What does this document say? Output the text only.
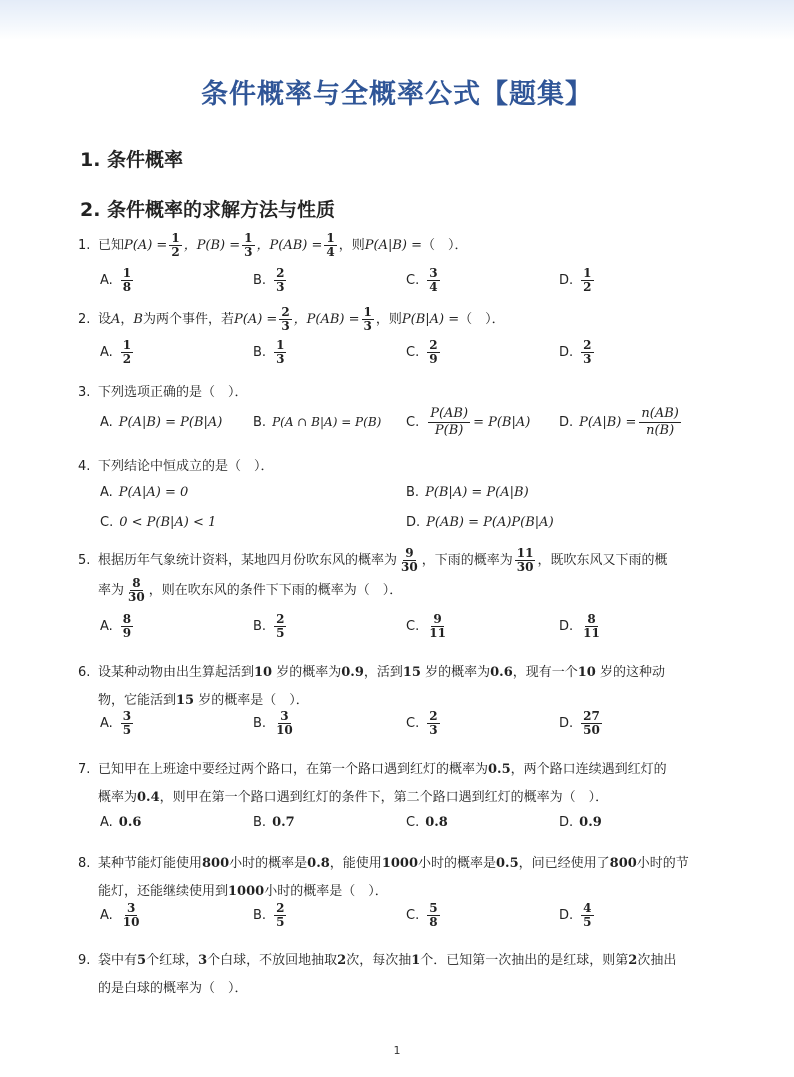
条件概率与全概率公式【题集】
1. 条件概率
2. 条件概率的求解方法与性质
1. 已知$P(A) = \frac{1}{2}$ ，$P(B) = \frac{1}{3}$ ，$P(AB) = \frac{1}{4}$ ，则P(A|B) =（　）．
A. $\frac{1}{8}$	B. $\frac{2}{3}$	C. $\frac{3}{4}$	D. $\frac{1}{2}$
2. 设A，B为两个事件，若$P(A) = \frac{2}{3}$ ，$P(AB) = \frac{1}{3}$ ，则P(B|A) =（　）．
A. $\frac{1}{2}$	B. $\frac{1}{3}$	C. $\frac{2}{9}$	D. $\frac{2}{3}$
3. 下列选项正确的是（　）．
A. P(A|B) = P(B|A) B. P(A ∩ B|A) = P(B) C. $\frac{P(AB)}{P(B)} = P(B|A)$ D. $P(A|B) = \frac{n(AB)}{n(B)}$
4. 下列结论中恒成立的是（　）．
A. P(A|A) = 0	B. P(B|A) = P(A|B)
C. 0 < P(B|A) < 1	D. P(AB) = P(A)P(B|A)
5. 根据历年气象统计资料，某地四月份吹东风的概率为 $\frac{9}{30}$ ，下雨的概率为 $\frac{11}{30}$ ，既吹东风又下雨的概
率为 $\frac{8}{30}$ ，则在吹东风的条件下下雨的概率为（　）．
A. $\frac{8}{9}$	B. $\frac{2}{5}$	C. $\frac{9}{11}$	D. $\frac{8}{11}$
6. 设某种动物由出生算起活到10 岁的概率为0.9，活到15 岁的概率为0.6，现有一个10 岁的这种动
物，它能活到15 岁的概率是（　）．
A. $\frac{3}{5}$	B. $\frac{3}{10}$	C. $\frac{2}{3}$	D. $\frac{27}{50}$
7. 已知甲在上班途中要经过两个路口，在第一个路口遇到红灯的概率为0.5，两个路口连续遇到红灯的
概率为0.4，则甲在第一个路口遇到红灯的条件下，第二个路口遇到红灯的概率为（　）．
A. 0.6	B. 0.7	C. 0.8	D. 0.9
8. 某种节能灯能使用800小时的概率是0.8，能使用1000小时的概率是0.5，问已经使用了800小时的节
能灯，还能继续使用到1000小时的概率是（　）．
A. $\frac{3}{10}$	B. $\frac{2}{5}$	C. $\frac{5}{8}$	D. $\frac{4}{5}$
9. 袋中有5个红球，3个白球，不放回地抽取2次，每次抽1个．已知第一次抽出的是红球，则第2次抽出
的是白球的概率为（　）．
1
